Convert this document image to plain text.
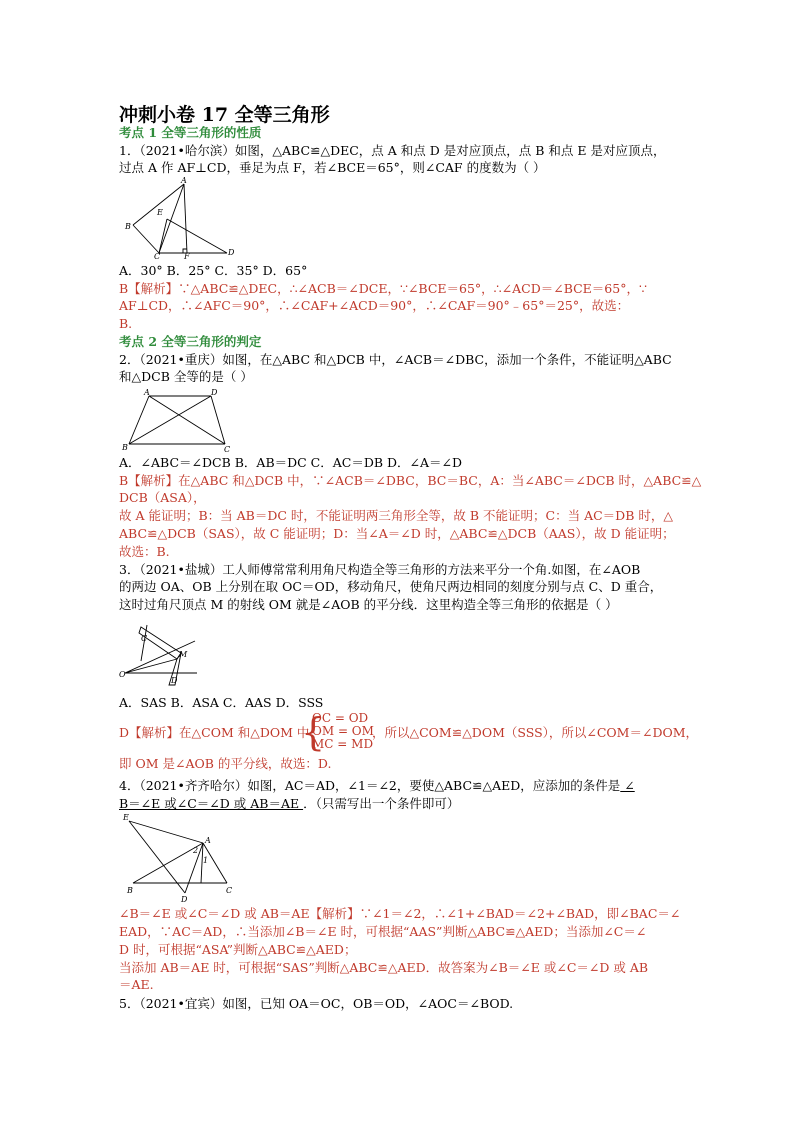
冲刺小卷 17 全等三角形
考点 1 全等三角形的性质
1．（2021•哈尔滨）如图，△ABC≌△DEC，点 A 和点 D 是对应顶点，点 B 和点 E 是对应顶点，
过点 A 作 AF⊥CD，垂足为点 F，若∠BCE＝65°，则∠CAF 的度数为（ ）
A
E
B
C	F	D
A．30° B．25° C．35° D．65°
B【解析】∵△ABC≌△DEC，∴∠ACB＝∠DCE，∵∠BCE＝65°，∴∠ACD＝∠BCE＝65°，∵
AF⊥CD，∴∠AFC＝90°，∴∠CAF+∠ACD＝90°，∴∠CAF＝90°﹣65°＝25°，故选：
B.
考点 2 全等三角形的判定
2．（2021•重庆）如图，在△ABC 和△DCB 中，∠ACB＝∠DBC，添加一个条件，不能证明△ABC
和△DCB 全等的是（ ）
A	D
B	C
A．∠ABC＝∠DCB B．AB＝DC C．AC＝DB D．∠A＝∠D
B【解析】在△ABC 和△DCB 中，∵∠ACB＝∠DBC，BC＝BC，A：当∠ABC＝∠DCB 时，△ABC≌△
DCB（ASA），
故 A 能证明；B：当 AB＝DC 时，不能证明两三角形全等，故 B 不能证明；C：当 AC＝DB 时，△
ABC≌△DCB（SAS），故 C 能证明；D：当∠A＝∠D 时，△ABC≌△DCB（AAS），故 D 能证明；
故选：B.
3．（2021•盐城）工人师傅常常利用角尺构造全等三角形的方法来平分一个角.如图，在∠AOB
的两边 OA、OB 上分别在取 OC＝OD，移动角尺，使角尺两边相同的刻度分别与点 C、D 重合，
这时过角尺顶点 M 的射线 OM 就是∠AOB 的平分线．这里构造全等三角形的依据是（ ）
C
O
M
D
A．SAS B．ASA C．AAS D．SSS
D【解析】在△COM 和△DOM 中
{
OC = OD
OM = OM
MC = MD
，所以△COM≌△DOM（SSS），所以∠COM＝∠DOM，
即 OM 是∠AOB 的平分线，故选：D.
4．（2021•齐齐哈尔）如图，AC＝AD，∠1＝∠2，要使△ABC≌△AED，应添加的条件是 ∠
B＝∠E 或∠C＝∠D 或 AB＝AE ．（只需写出一个条件即可）
E
A
2
1
B
D
C
∠B＝∠E 或∠C＝∠D 或 AB＝AE【解析】∵∠1＝∠2，∴∠1+∠BAD＝∠2+∠BAD，即∠BAC＝∠
EAD，∵AC＝AD，∴当添加∠B＝∠E 时，可根据“AAS”判断△ABC≌△AED；当添加∠C＝∠
D 时，可根据“ASA”判断△ABC≌△AED；
当添加 AB＝AE 时，可根据“SAS”判断△ABC≌△AED．故答案为∠B＝∠E 或∠C＝∠D 或 AB
＝AE.
5．（2021•宜宾）如图，已知 OA＝OC，OB＝OD，∠AOC＝∠BOD.
